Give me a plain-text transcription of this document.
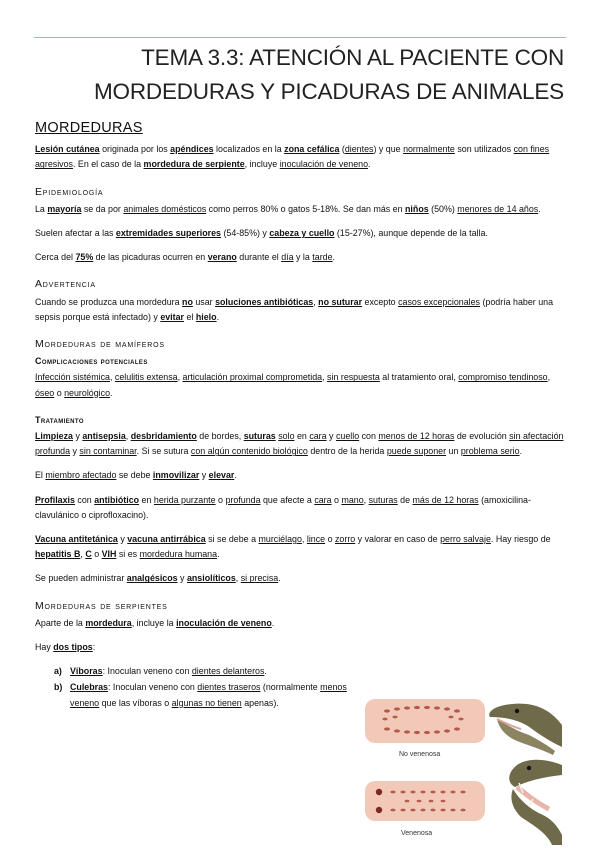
TEMA 3.3: ATENCIÓN AL PACIENTE CON
MORDEDURAS Y PICADURAS DE ANIMALES
MORDEDURAS

Lesión cutánea originada por los apéndices localizados en la zona cefálica (dientes) y que normalmente son utilizados con fines agresivos. En el caso de la mordedura de serpiente, incluye inoculación de veneno.

Epidemiología

La mayoría se da por animales domésticos como perros 80% o gatos 5-18%. Se dan más en niños (50%) menores de 14 años.

Suelen afectar a las extremidades superiores (54-85%) y cabeza y cuello (15-27%), aunque depende de la talla.

Cerca del 75% de las picaduras ocurren en verano durante el día y la tarde.

Advertencia

Cuando se produzca una mordedura no usar soluciones antibióticas, no suturar excepto casos excepcionales (podría haber una sepsis porque está infectado) y evitar el hielo.

Mordeduras de mamíferos
Complicaciones potenciales

Infección sistémica, celulitis extensa, articulación proximal comprometida, sin respuesta al tratamiento oral, compromiso tendinoso, óseo o neurológico.

Tratamiento

Limpieza y antisepsia, desbridamiento de bordes, suturas solo en cara y cuello con menos de 12 horas de evolución sin afectación profunda y sin contaminar. Si se sutura con algún contenido biológico dentro de la herida puede suponer un problema serio.

El miembro afectado se debe inmovilizar y elevar.

Profilaxis con antibiótico en herida purzante o profunda que afecte a cara o mano, suturas de más de 12 horas (amoxicilina-clavulánico o ciprofloxacino).

Vacuna antitetánica y vacuna antirrábica si se debe a murciélago, lince o zorro y valorar en caso de perro salvaje. Hay riesgo de hepatitis B, C o VIH si es mordedura humana.

Se pueden administrar analgésicos y ansiolíticos, si precisa.

Mordeduras de serpientes

Aparte de la mordedura, incluye la inoculación de veneno.

Hay dos tipos:

a) Víboras: Inoculan veneno con dientes delanteros.
b) Culebras: Inoculan veneno con dientes traseros (normalmente menos veneno que las víboras o algunas no tienen apenas).
No venenosa
Venenosa
